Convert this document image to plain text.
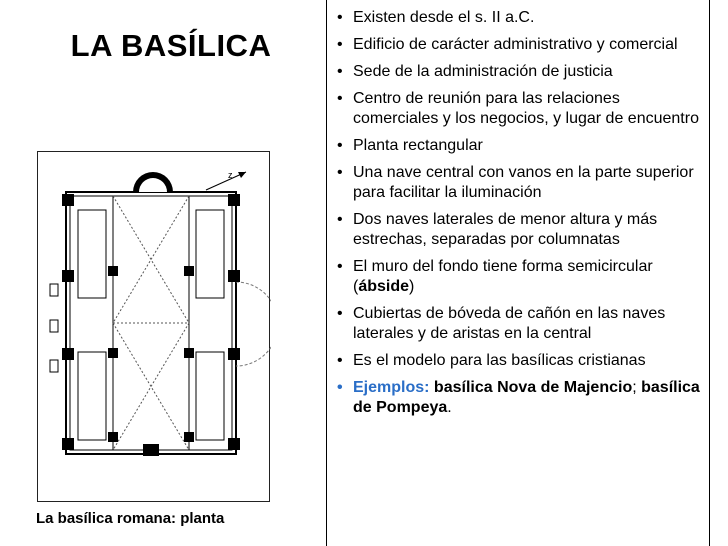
LA BASÍLICA
z
La basílica romana: planta
• Existen desde el s. II a.C.
• Edificio de carácter administrativo y comercial
• Sede de la administración de justicia
• Centro de reunión para las relaciones comerciales y los negocios, y lugar de encuentro
• Planta rectangular
• Una nave central con vanos en la parte superior para facilitar la iluminación
• Dos naves laterales de menor altura y más estrechas, separadas por columnatas
• El muro del fondo tiene forma semicircular (ábside)
• Cubiertas de bóveda de cañón en las naves laterales y de aristas en la central
• Es el modelo para las basílicas cristianas
• Ejemplos: basílica Nova de Majencio; basílica de Pompeya.
